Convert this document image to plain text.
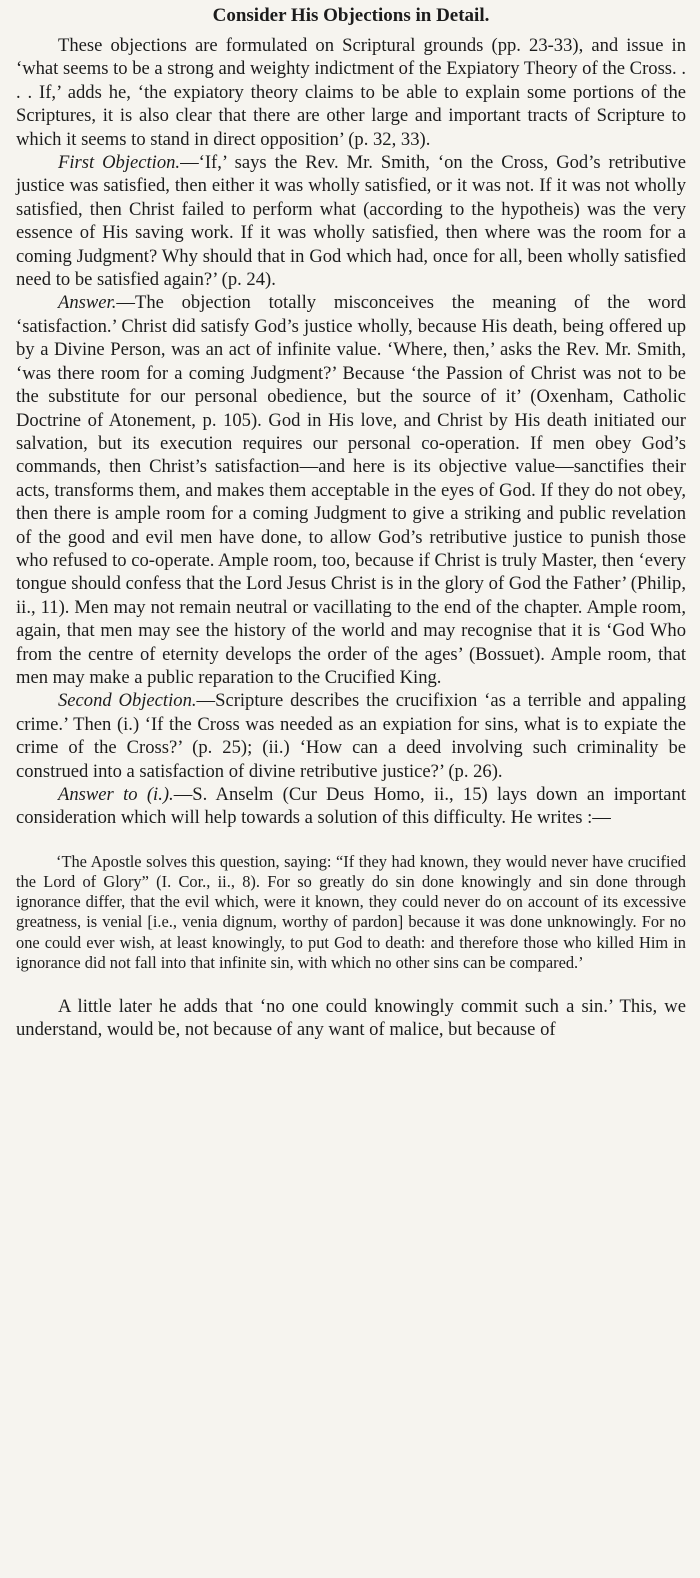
Consider His Objections in Detail.

These objections are formulated on Scriptural grounds (pp. 23-33), and issue in ‘what seems to be a strong and weighty indictment of the Expiatory Theory of the Cross. . . . If,’ adds he, ‘the expiatory theory claims to be able to explain some portions of the Scriptures, it is also clear that there are other large and important tracts of Scripture to which it seems to stand in direct opposition’ (p. 32, 33).

First Objection.—‘If,’ says the Rev. Mr. Smith, ‘on the Cross, God’s retributive justice was satisfied, then either it was wholly satisfied, or it was not. If it was not wholly satisfied, then Christ failed to perform what (according to the hypotheis) was the very essence of His saving work. If it was wholly satisfied, then where was the room for a coming Judgment? Why should that in God which had, once for all, been wholly satisfied need to be satisfied again?’ (p. 24).

Answer.—The objection totally misconceives the meaning of the word ‘satisfaction.’ Christ did satisfy God’s justice wholly, because His death, being offered up by a Divine Person, was an act of infinite value. ‘Where, then,’ asks the Rev. Mr. Smith, ‘was there room for a coming Judgment?’ Because ‘the Passion of Christ was not to be the substitute for our personal obedience, but the source of it’ (Oxenham, Catholic Doctrine of Atonement, p. 105). God in His love, and Christ by His death initiated our salvation, but its execution requires our personal co-operation. If men obey God’s commands, then Christ’s satisfaction—and here is its objective value—sanctifies their acts, transforms them, and makes them acceptable in the eyes of God. If they do not obey, then there is ample room for a coming Judgment to give a striking and public revelation of the good and evil men have done, to allow God’s retributive justice to punish those who refused to co-operate. Ample room, too, because if Christ is truly Master, then ‘every tongue should confess that the Lord Jesus Christ is in the glory of God the Father’ (Philip, ii., 11). Men may not remain neutral or vacillating to the end of the chapter. Ample room, again, that men may see the history of the world and may recognise that it is ‘God Who from the centre of eternity develops the order of the ages’ (Bossuet). Ample room, that men may make a public reparation to the Crucified King.

Second Objection.—Scripture describes the crucifixion ‘as a terrible and appaling crime.’ Then (i.) ‘If the Cross was needed as an expiation for sins, what is to expiate the crime of the Cross?’ (p. 25); (ii.) ‘How can a deed involving such criminality be construed into a satisfaction of divine retributive justice?’ (p. 26).

Answer to (i.).—S. Anselm (Cur Deus Homo, ii., 15) lays down an important consideration which will help towards a solution of this difficulty. He writes :—

‘The Apostle solves this question, saying: “If they had known, they would never have crucified the Lord of Glory” (I. Cor., ii., 8). For so greatly do sin done knowingly and sin done through ignorance differ, that the evil which, were it known, they could never do on account of its excessive greatness, is venial [i.e., venia dignum, worthy of pardon] because it was done unknowingly. For no one could ever wish, at least knowingly, to put God to death: and therefore those who killed Him in ignorance did not fall into that infinite sin, with which no other sins can be compared.’

A little later he adds that ‘no one could knowingly commit such a sin.’ This, we understand, would be, not because of any want of malice, but because of
